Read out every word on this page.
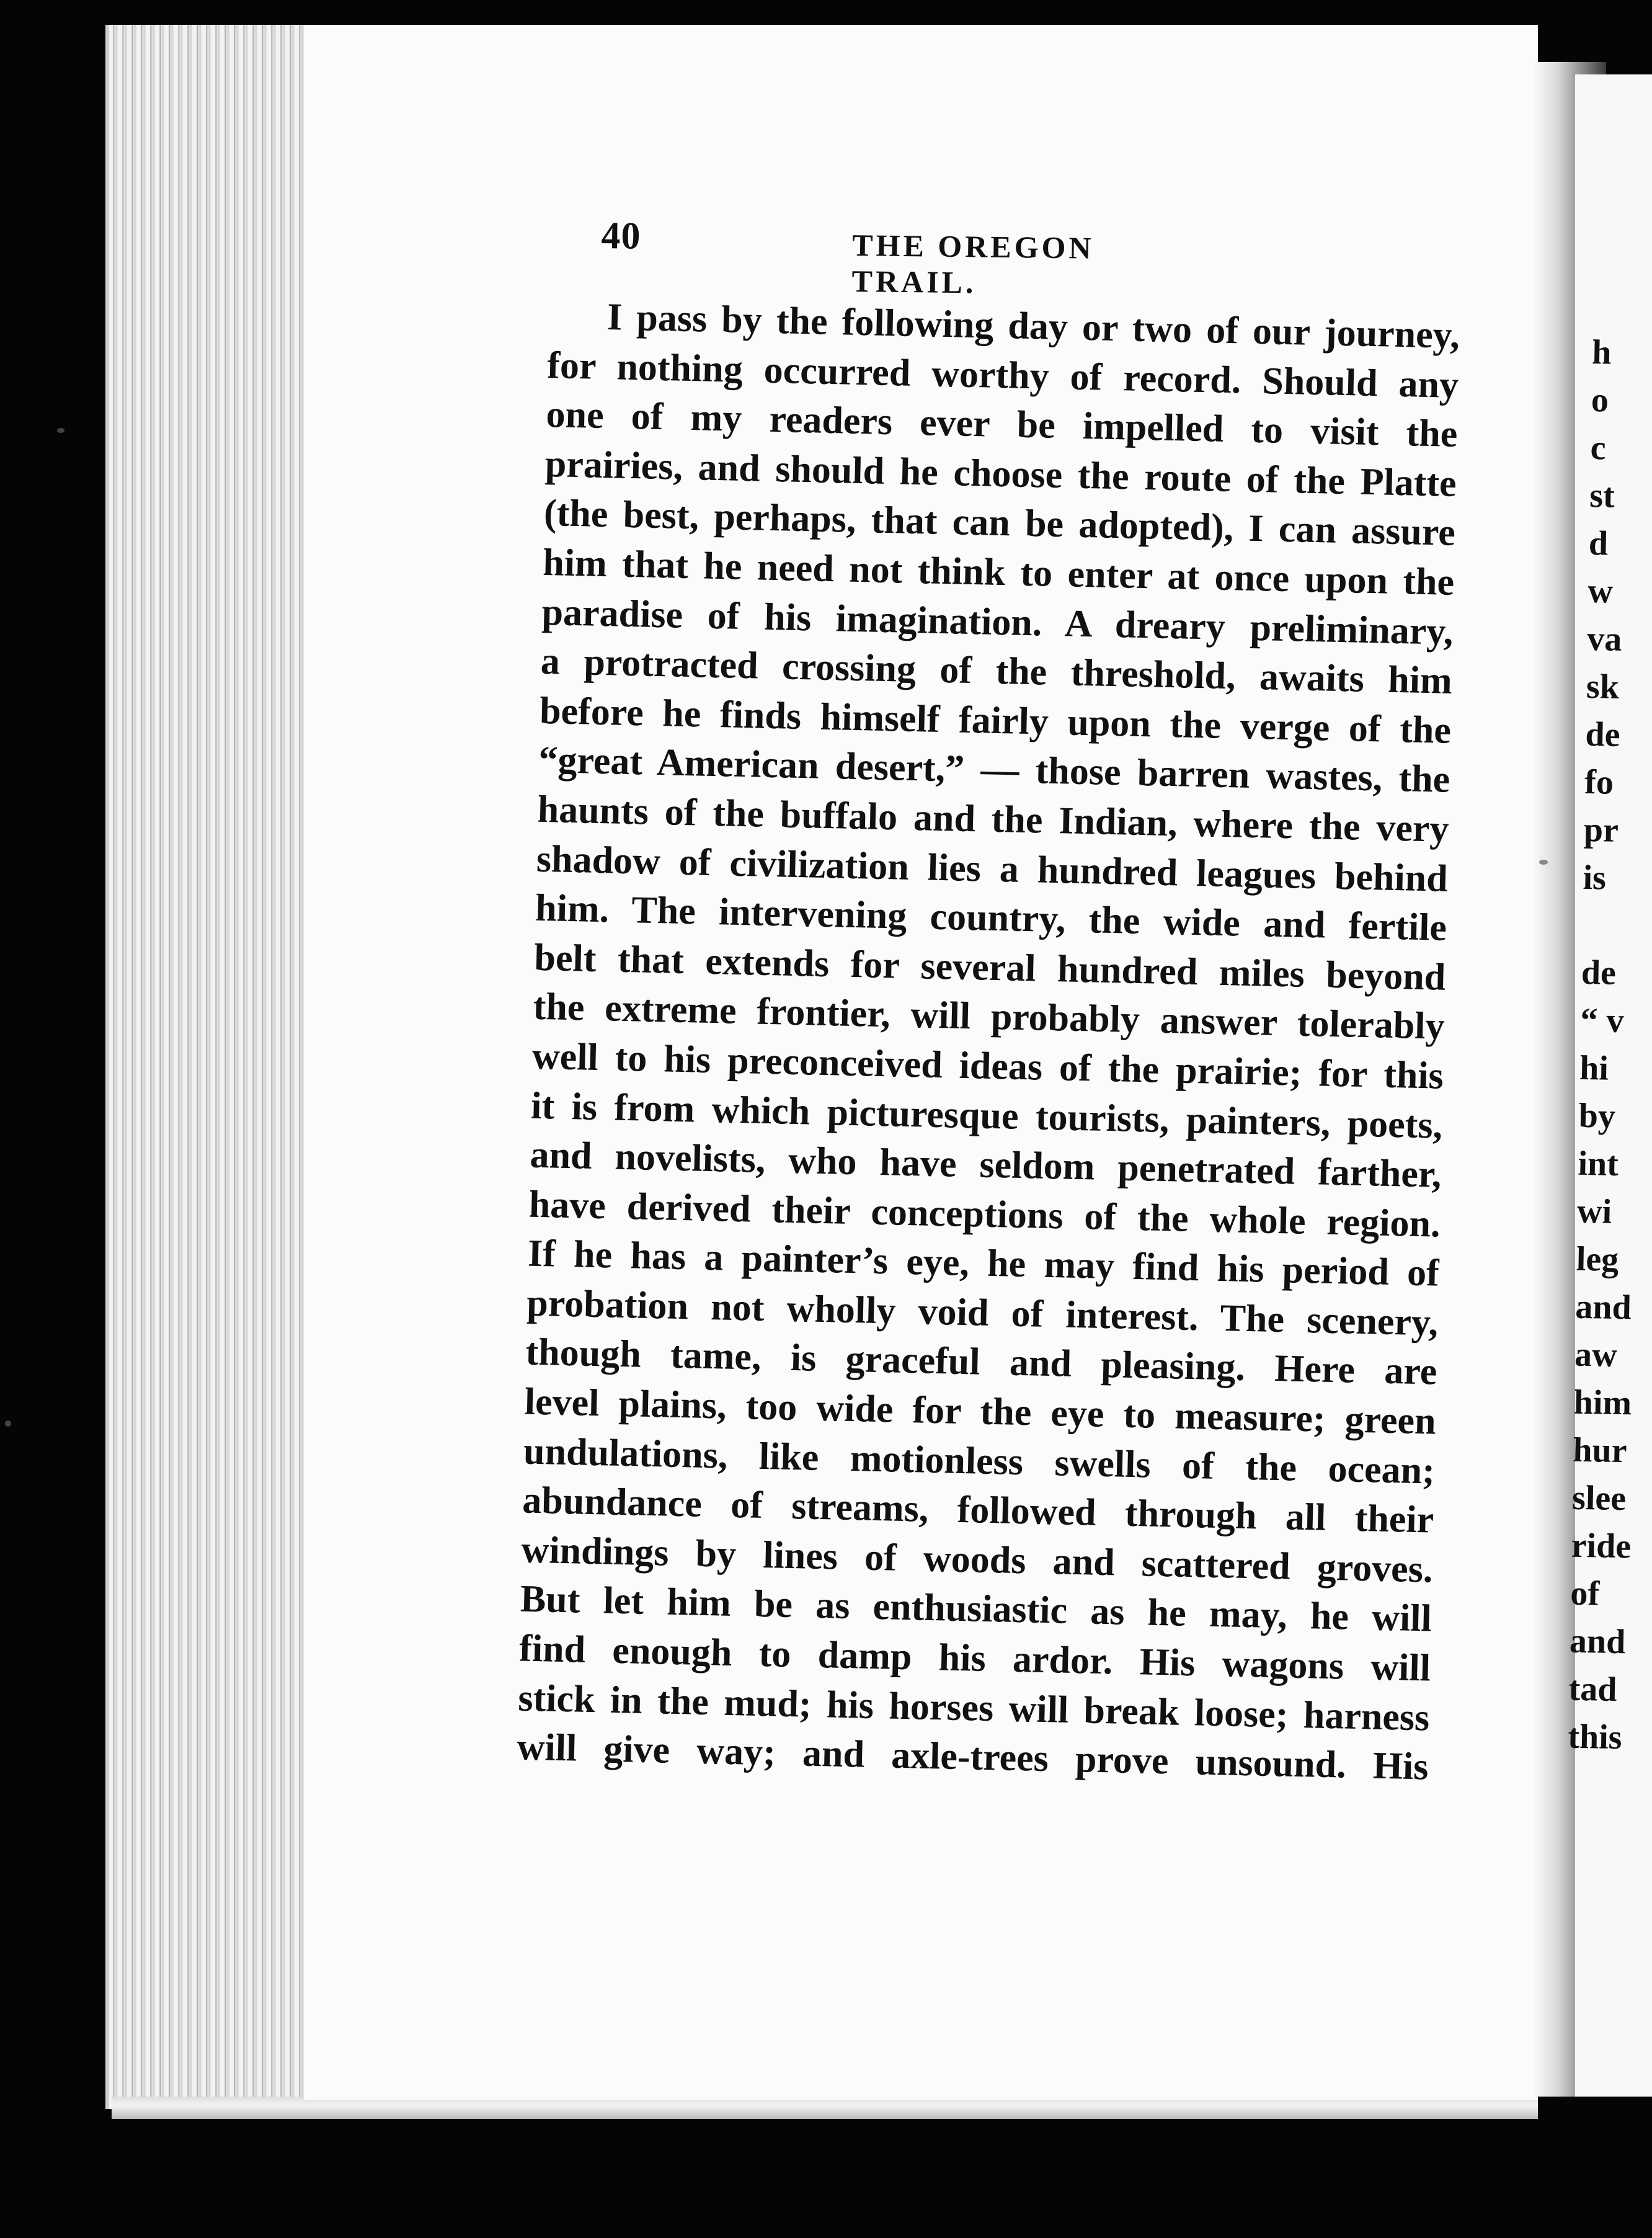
40	THE OREGON TRAIL.
I pass by the following day or two of our journey,
for nothing occurred worthy of record. Should any
one of my readers ever be impelled to visit the
prairies, and should he choose the route of the Platte
(the best, perhaps, that can be adopted), I can assure
him that he need not think to enter at once upon the
paradise of his imagination. A dreary preliminary,
a protracted crossing of the threshold, awaits him
before he finds himself fairly upon the verge of the
“great American desert,” — those barren wastes, the
haunts of the buffalo and the Indian, where the very
shadow of civilization lies a hundred leagues behind
him. The intervening country, the wide and fertile
belt that extends for several hundred miles beyond
the extreme frontier, will probably answer tolerably
well to his preconceived ideas of the prairie; for this
it is from which picturesque tourists, painters, poets,
and novelists, who have seldom penetrated farther,
have derived their conceptions of the whole region.
If he has a painter’s eye, he may find his period of
probation not wholly void of interest. The scenery,
though tame, is graceful and pleasing. Here are
level plains, too wide for the eye to measure; green
undulations, like motionless swells of the ocean;
abundance of streams, followed through all their
windings by lines of woods and scattered groves.
But let him be as enthusiastic as he may, he will
find enough to damp his ardor. His wagons will
stick in the mud; his horses will break loose; harness
will give way; and axle-trees prove unsound. His
h
o
c
st
d
w
va
sk
de
fo
pr
is
de
“ v
hi
by
int
wi
leg
and
aw
him
hur
slee
ride
of
and
tad
this
